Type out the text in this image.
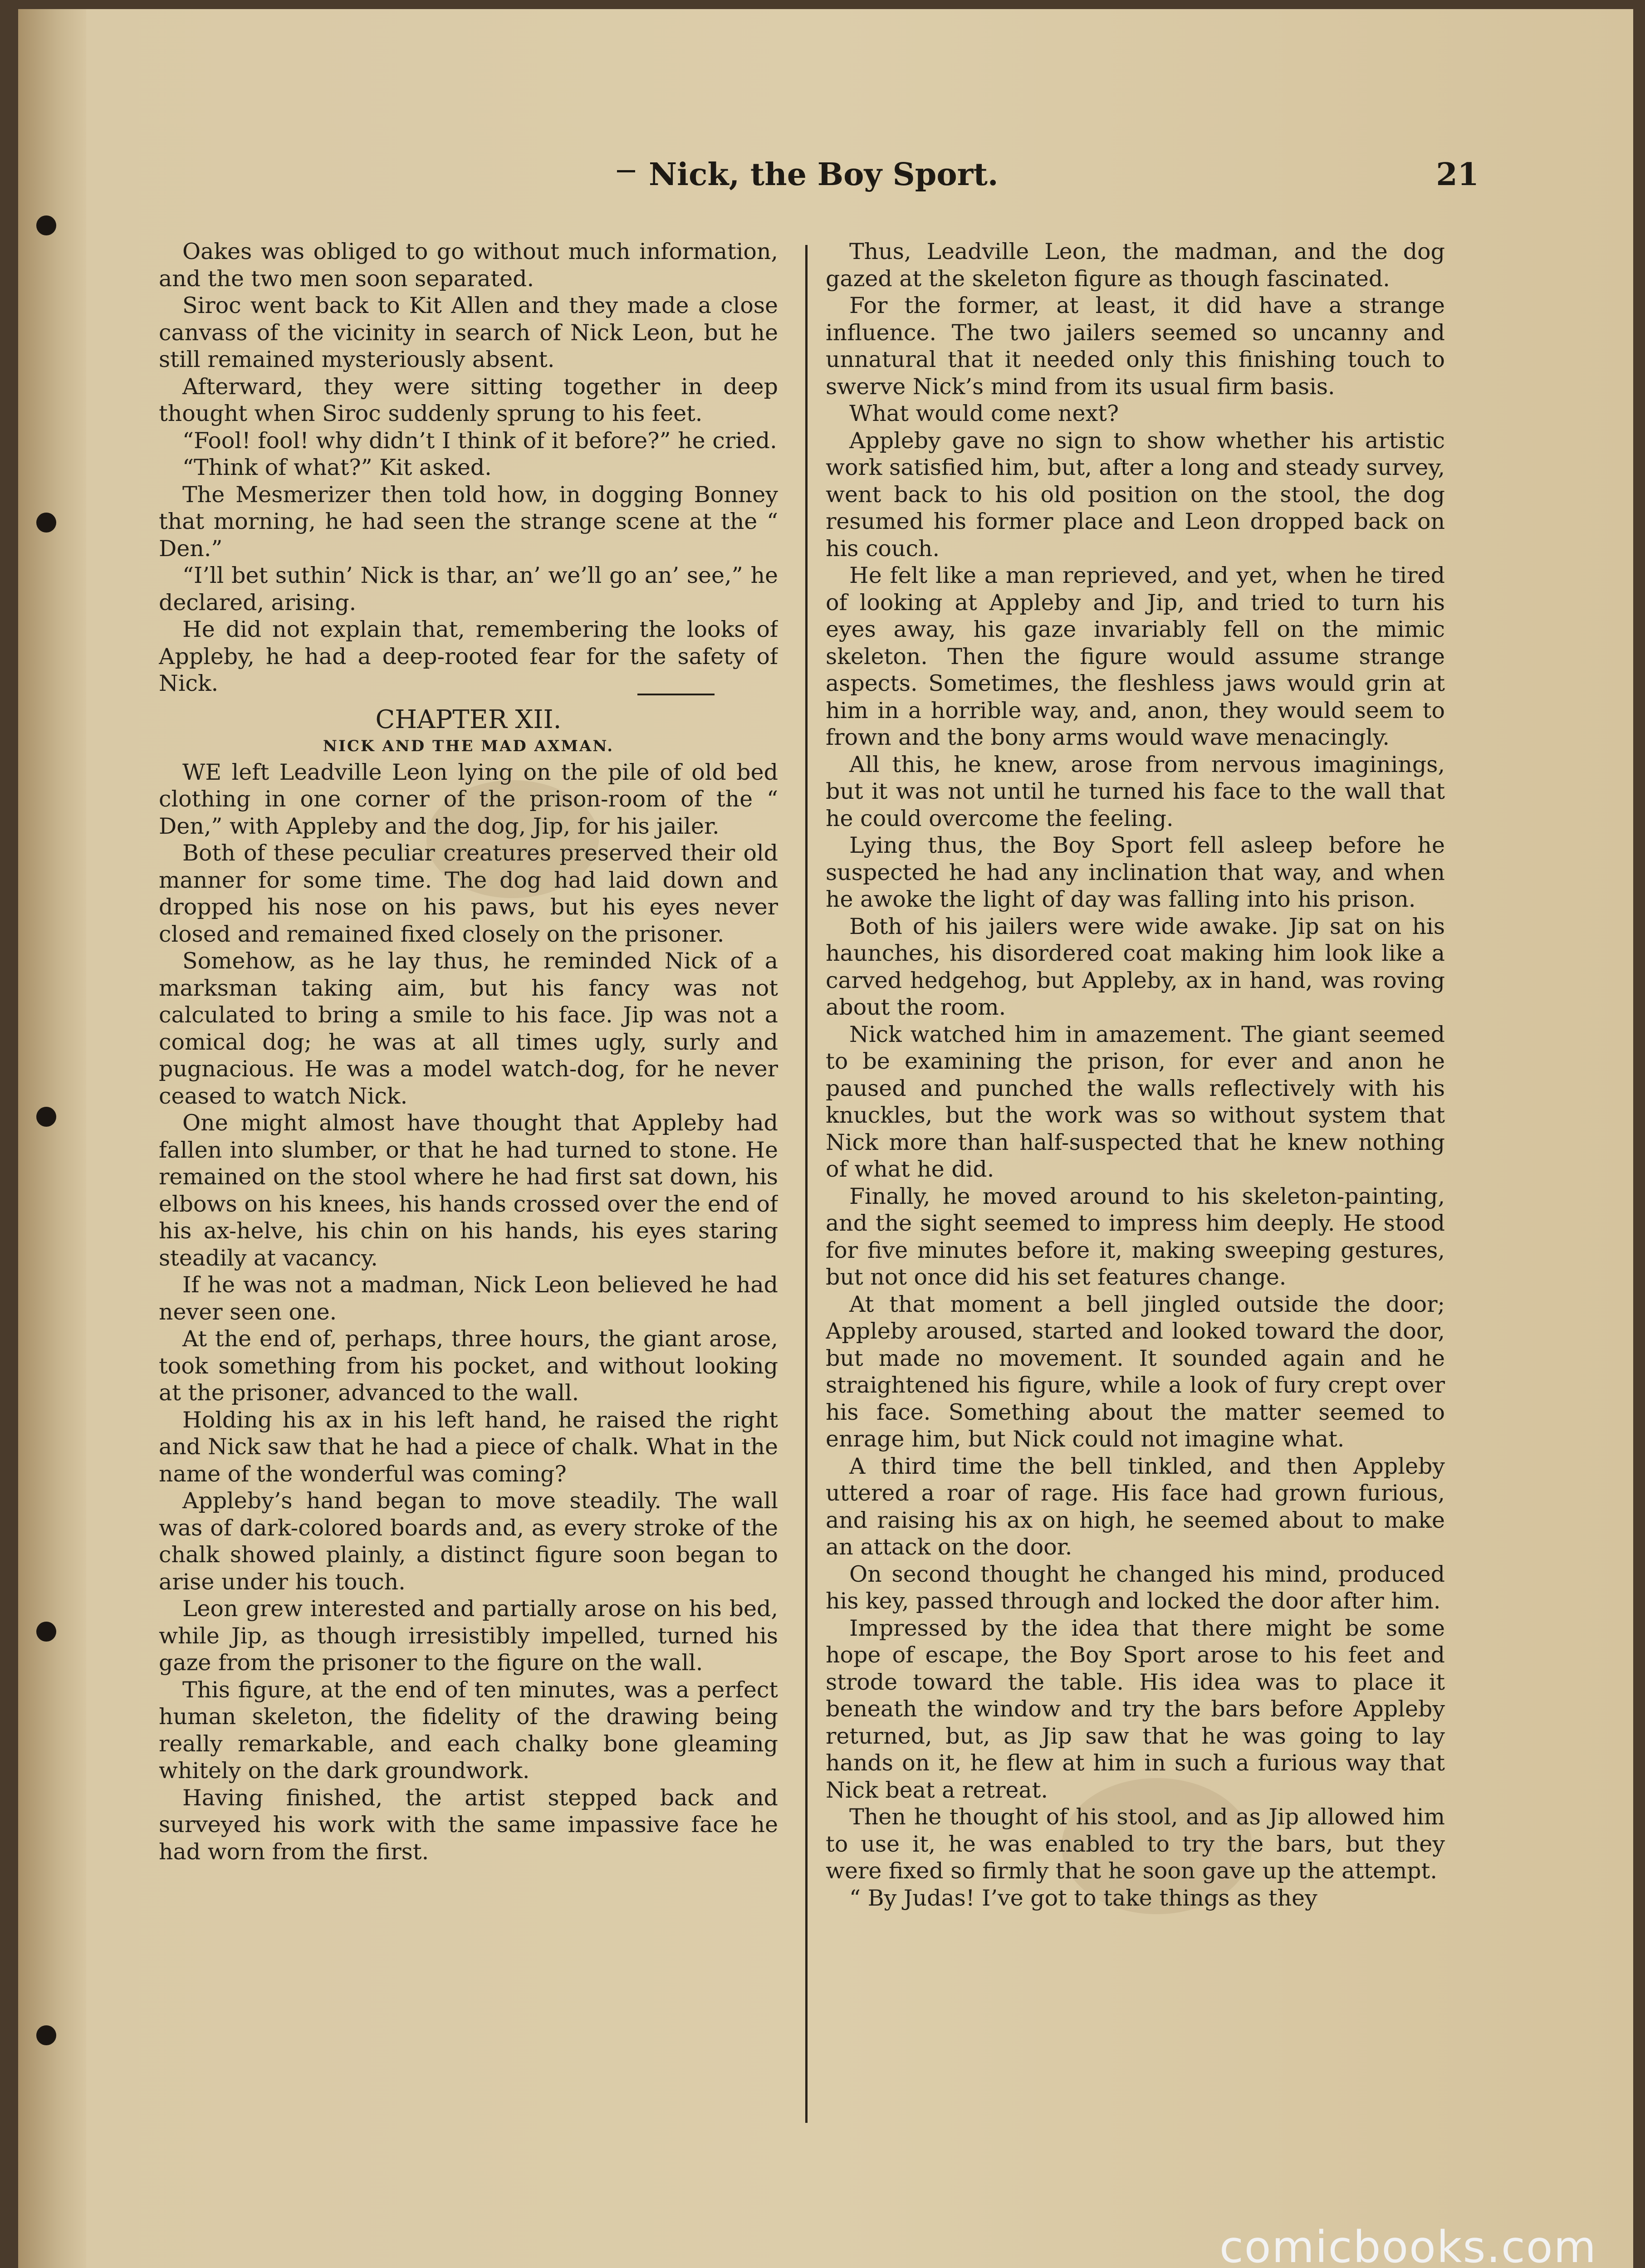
Nick, the Boy Sport.	21

Oakes was obliged to go without much information, and the two men soon separated.

Siroc went back to Kit Allen and they made a close canvass of the vicinity in search of Nick Leon, but he still remained mysteriously absent.

Afterward, they were sitting together in deep thought when Siroc suddenly sprung to his feet.

“Fool! fool! why didn’t I think of it before?” he cried.

“Think of what?” Kit asked.

The Mesmerizer then told how, in dogging Bonney that morning, he had seen the strange scene at the “ Den.”

“I’ll bet suthin’ Nick is thar, an’ we’ll go an’ see,” he declared, arising.

He did not explain that, remembering the looks of Appleby, he had a deep-rooted fear for the safety of Nick.

CHAPTER XII.
NICK AND THE MAD AXMAN.

WE left Leadville Leon lying on the pile of old bed clothing in one corner of the prison-room of the “ Den,” with Appleby and the dog, Jip, for his jailer.

Both of these peculiar creatures preserved their old manner for some time. The dog had laid down and dropped his nose on his paws, but his eyes never closed and remained fixed closely on the prisoner.

Somehow, as he lay thus, he reminded Nick of a marksman taking aim, but his fancy was not calculated to bring a smile to his face. Jip was not a comical dog; he was at all times ugly, surly and pugnacious. He was a model watch-dog, for he never ceased to watch Nick.

One might almost have thought that Appleby had fallen into slumber, or that he had turned to stone. He remained on the stool where he had first sat down, his elbows on his knees, his hands crossed over the end of his ax-helve, his chin on his hands, his eyes staring steadily at vacancy.

If he was not a madman, Nick Leon believed he had never seen one.

At the end of, perhaps, three hours, the giant arose, took something from his pocket, and without looking at the prisoner, advanced to the wall.

Holding his ax in his left hand, he raised the right and Nick saw that he had a piece of chalk. What in the name of the wonderful was coming?

Appleby’s hand began to move steadily. The wall was of dark-colored boards and, as every stroke of the chalk showed plainly, a distinct figure soon began to arise under his touch.

Leon grew interested and partially arose on his bed, while Jip, as though irresistibly impelled, turned his gaze from the prisoner to the figure on the wall.

This figure, at the end of ten minutes, was a perfect human skeleton, the fidelity of the drawing being really remarkable, and each chalky bone gleaming whitely on the dark groundwork.

Having finished, the artist stepped back and surveyed his work with the same impassive face he had worn from the first.

Thus, Leadville Leon, the madman, and the dog gazed at the skeleton figure as though fascinated.

For the former, at least, it did have a strange influence. The two jailers seemed so uncanny and unnatural that it needed only this finishing touch to swerve Nick’s mind from its usual firm basis.

What would come next?

Appleby gave no sign to show whether his artistic work satisfied him, but, after a long and steady survey, went back to his old position on the stool, the dog resumed his former place and Leon dropped back on his couch.

He felt like a man reprieved, and yet, when he tired of looking at Appleby and Jip, and tried to turn his eyes away, his gaze invariably fell on the mimic skeleton. Then the figure would assume strange aspects. Sometimes, the fleshless jaws would grin at him in a horrible way, and, anon, they would seem to frown and the bony arms would wave menacingly.

All this, he knew, arose from nervous imaginings, but it was not until he turned his face to the wall that he could overcome the feeling.

Lying thus, the Boy Sport fell asleep before he suspected he had any inclination that way, and when he awoke the light of day was falling into his prison.

Both of his jailers were wide awake. Jip sat on his haunches, his disordered coat making him look like a carved hedgehog, but Appleby, ax in hand, was roving about the room.

Nick watched him in amazement. The giant seemed to be examining the prison, for ever and anon he paused and punched the walls reflectively with his knuckles, but the work was so without system that Nick more than half-suspected that he knew nothing of what he did.

Finally, he moved around to his skeleton-painting, and the sight seemed to impress him deeply. He stood for five minutes before it, making sweeping gestures, but not once did his set features change.

At that moment a bell jingled outside the door; Appleby aroused, started and looked toward the door, but made no movement. It sounded again and he straightened his figure, while a look of fury crept over his face. Something about the matter seemed to enrage him, but Nick could not imagine what.

A third time the bell tinkled, and then Appleby uttered a roar of rage. His face had grown furious, and raising his ax on high, he seemed about to make an attack on the door.

On second thought he changed his mind, produced his key, passed through and locked the door after him.

Impressed by the idea that there might be some hope of escape, the Boy Sport arose to his feet and strode toward the table. His idea was to place it beneath the window and try the bars before Appleby returned, but, as Jip saw that he was going to lay hands on it, he flew at him in such a furious way that Nick beat a retreat.

Then he thought of his stool, and as Jip allowed him to use it, he was enabled to try the bars, but they were fixed so firmly that he soon gave up the attempt.

“ By Judas! I’ve got to take things as they

comicbooks.com
